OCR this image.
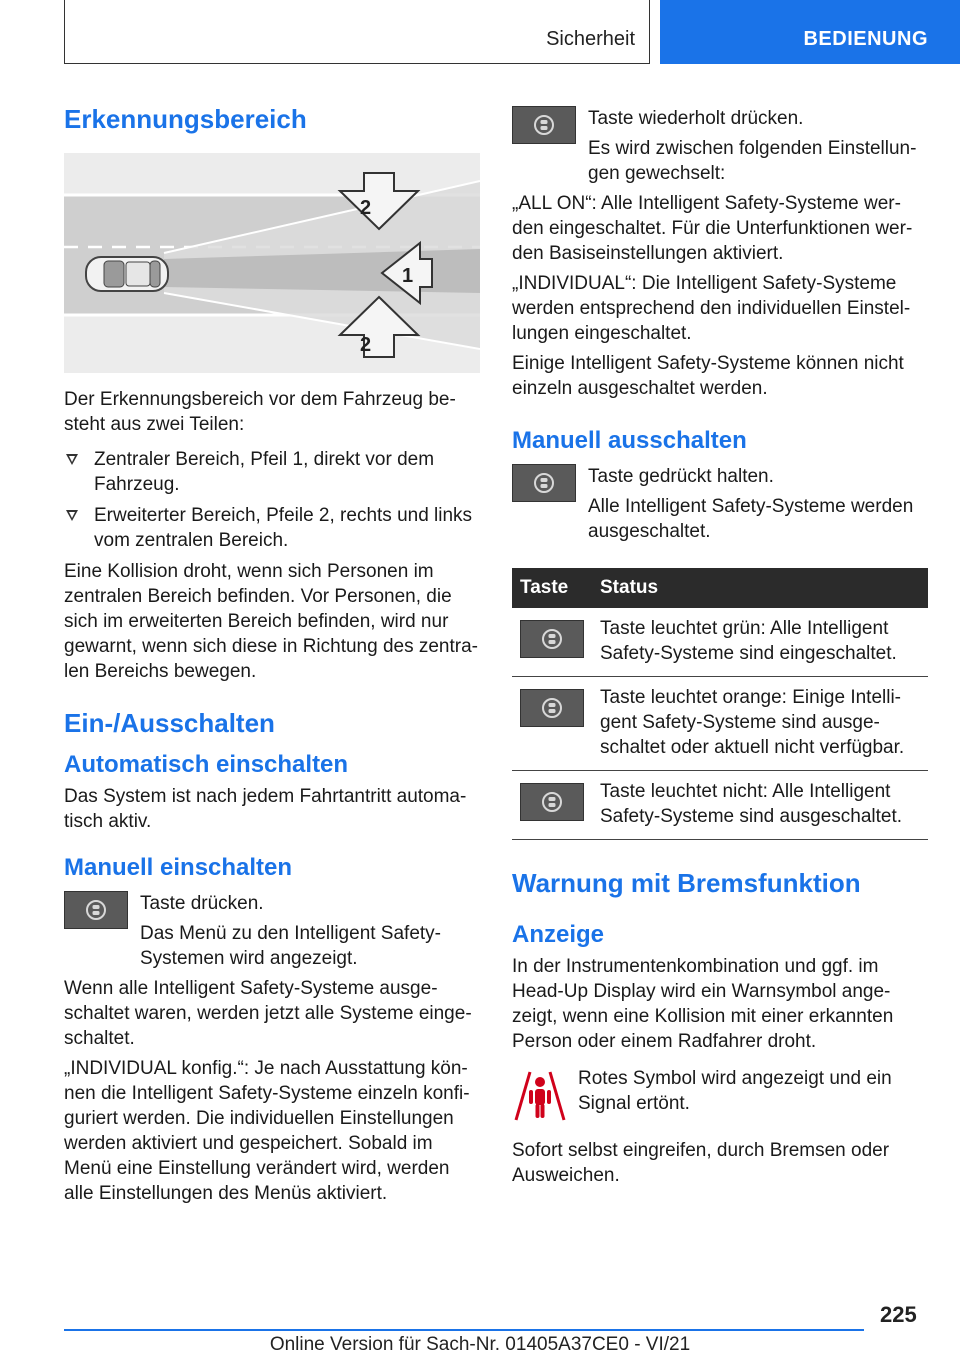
Sicherheit	BEDIENUNG
Erkennungsbereich
2
1
2

Der Erkennungsbereich vor dem Fahrzeug be-steht aus zwei Teilen:

Zentraler Bereich, Pfeil 1, direkt vor dem Fahrzeug.
Erweiterter Bereich, Pfeile 2, rechts und links vom zentralen Bereich.

Eine Kollision droht, wenn sich Personen im zentralen Bereich befinden. Vor Personen, die sich im erweiterten Bereich befinden, wird nur gewarnt, wenn sich diese in Richtung des zentra-len Bereichs bewegen.

Ein-/Ausschalten
Automatisch einschalten

Das System ist nach jedem Fahrtantritt automa-tisch aktiv.

Manuell einschalten

Taste drücken.

Das Menü zu den Intelligent Safety-Systemen wird angezeigt.

Wenn alle Intelligent Safety-Systeme ausge-schaltet waren, werden jetzt alle Systeme einge-schaltet.

„INDIVIDUAL konfig.“: Je nach Ausstattung kön-nen die Intelligent Safety-Systeme einzeln konfi-guriert werden. Die individuellen Einstellungen werden aktiviert und gespeichert. Sobald im Menü eine Einstellung verändert wird, werden alle Einstellungen des Menüs aktiviert.

Taste wiederholt drücken.

Es wird zwischen folgenden Einstellun-gen gewechselt:

„ALL ON“: Alle Intelligent Safety-Systeme wer-den eingeschaltet. Für die Unterfunktionen wer-den Basiseinstellungen aktiviert.

„INDIVIDUAL“: Die Intelligent Safety-Systeme werden entsprechend den individuellen Einstel-lungen eingeschaltet.

Einige Intelligent Safety-Systeme können nicht einzeln ausgeschaltet werden.

Manuell ausschalten

Taste gedrückt halten.

Alle Intelligent Safety-Systeme werden ausgeschaltet.

Taste	Status

	Taste leuchtet grün: Alle Intelligent Safety-Systeme sind eingeschaltet.

	Taste leuchtet orange: Einige Intelli-gent Safety-Systeme sind ausge-schaltet oder aktuell nicht verfügbar.

	Taste leuchtet nicht: Alle Intelligent Safety-Systeme sind ausgeschaltet.
Warnung mit Bremsfunktion
Anzeige

In der Instrumentenkombination und ggf. im Head-Up Display wird ein Warnsymbol ange-zeigt, wenn eine Kollision mit einer erkannten Person oder einem Radfahrer droht.

Rotes Symbol wird angezeigt und ein Signal ertönt.

Sofort selbst eingreifen, durch Bremsen oder Ausweichen.

225
Online Version für Sach-Nr. 01405A37CE0 - VI/21
